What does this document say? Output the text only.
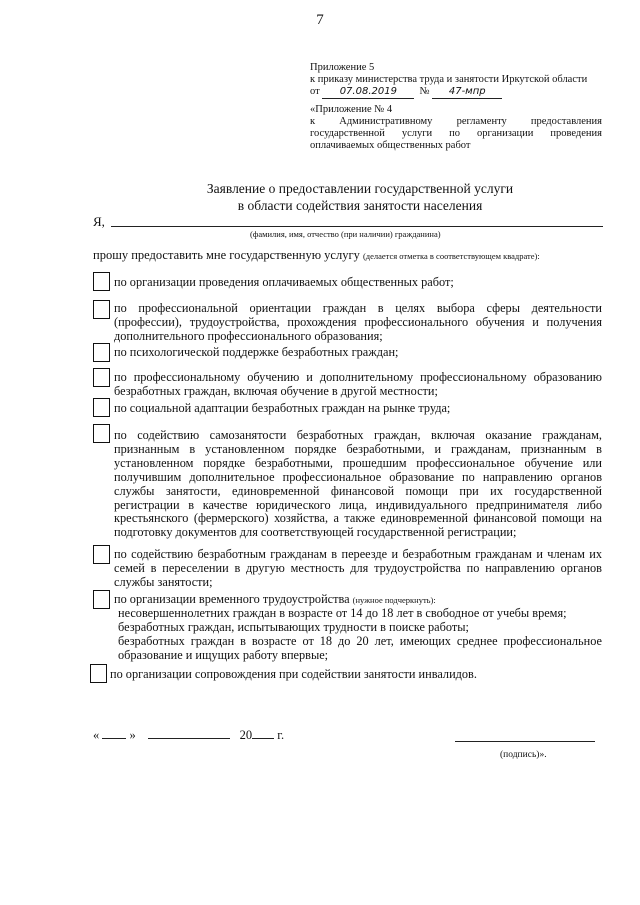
7
Приложение 5
к приказу министерства труда и занятости Иркутской области
от 07.08.2019 № 47-мпр
«Приложение № 4
к Административному регламенту предоставления государственной услуги по организации проведения оплачиваемых общественных работ
Заявление о предоставлении государственной услуги
в области содействия занятости населения
Я,
(фамилия, имя, отчество (при наличии) гражданина)
прошу предоставить мне государственную услугу (делается отметка в соответствующем квадрате):
по организации проведения оплачиваемых общественных работ;
по профессиональной ориентации граждан в целях выбора сферы деятельности (профессии), трудоустройства, прохождения профессионального обучения и получения дополнительного профессионального образования;
по психологической поддержке безработных граждан;
по профессиональному обучению и дополнительному профессиональному образованию безработных граждан, включая обучение в другой местности;
по социальной адаптации безработных граждан на рынке труда;
по содействию самозанятости безработных граждан, включая оказание гражданам, признанным в установленном порядке безработными, и гражданам, признанным в установленном порядке безработными, прошедшим профессиональное обучение или получившим дополнительное профессиональное образование по направлению органов службы занятости, единовременной финансовой помощи при их государственной регистрации в качестве юридического лица, индивидуального предпринимателя либо крестьянского (фермерского) хозяйства, а также единовременной финансовой помощи на подготовку документов для соответствующей государственной регистрации;
по содействию безработным гражданам в переезде и безработным гражданам и членам их семей в переселении в другую местность для трудоустройства по направлению органов службы занятости;
по организации временного трудоустройства (нужное подчеркнуть):
несовершеннолетних граждан в возрасте от 14 до 18 лет в свободное от учебы время;
безработных граждан, испытывающих трудности в поиске работы;
безработных граждан в возрасте от 18 до 20 лет, имеющих среднее профессиональное образование и ищущих работу впервые;
по организации сопровождения при содействии занятости инвалидов.
« »	20 г.
(подпись)».
